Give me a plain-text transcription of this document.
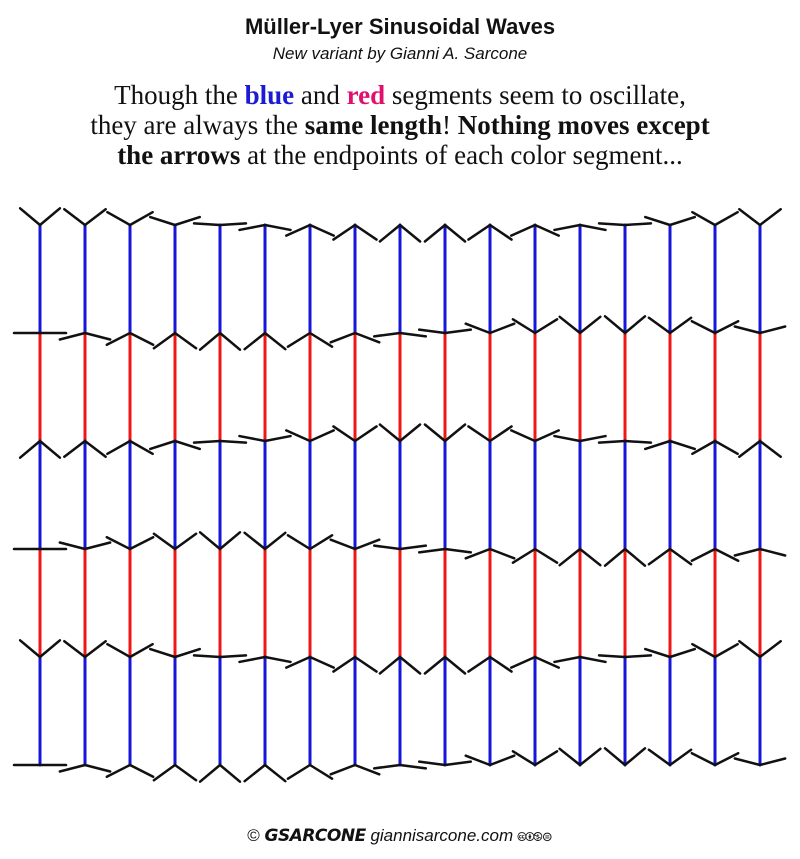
Müller-Lyer Sinusoidal Waves
New variant by Gianni A. Sarcone
Though the blue and red segments seem to oscillate,
they are always the same length! Nothing moves except
the arrows at the endpoints of each color segment...
© GSARCONE giannisarcone.com 🅭🅯🄏⊜
